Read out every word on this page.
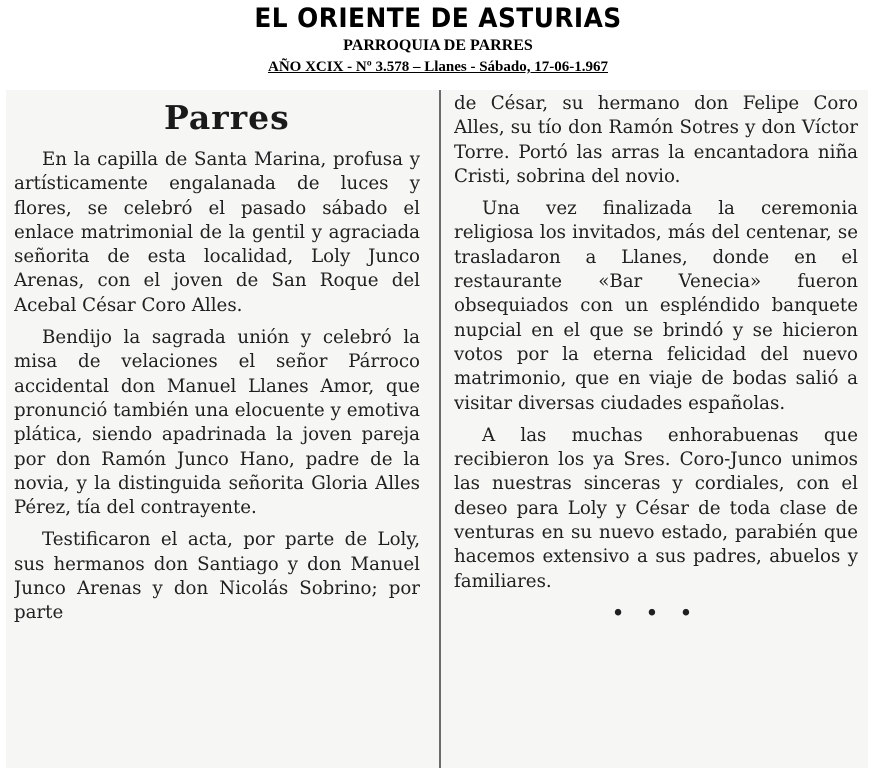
EL ORIENTE DE ASTURIAS
PARROQUIA DE PARRES
AÑO XCIX - Nº 3.578 – Llanes - Sábado, 17-06-1.967
Parres

En la capilla de Santa Marina, profusa y artísticamente engalanada de luces y flores, se celebró el pasado sábado el enlace matrimonial de la gentil y agraciada señorita de esta localidad, Loly Junco Arenas, con el joven de San Roque del Acebal César Coro Alles.

Bendijo la sagrada unión y celebró la misa de velaciones el señor Párroco accidental don Manuel Llanes Amor, que pronunció también una elocuente y emotiva plática, siendo apadrinada la joven pareja por don Ramón Junco Hano, padre de la novia, y la distinguida señorita Gloria Alles Pérez, tía del contrayente.

Testificaron el acta, por parte de Loly, sus hermanos don Santiago y don Manuel Junco Arenas y don Nicolás Sobrino; por parte

de César, su hermano don Felipe Coro Alles, su tío don Ramón Sotres y don Víctor Torre. Portó las arras la encantadora niña Cristi, sobrina del novio.

Una vez finalizada la ceremonia religiosa los invitados, más del centenar, se trasladaron a Llanes, donde en el restaurante «Bar Venecia» fueron obsequiados con un espléndido banquete nupcial en el que se brindó y se hicieron votos por la eterna felicidad del nuevo matrimonio, que en viaje de bodas salió a visitar diversas ciudades españolas.

A las muchas enhorabuenas que recibieron los ya Sres. Coro-Junco unimos las nuestras sinceras y cordiales, con el deseo para Loly y César de toda clase de venturas en su nuevo estado, parabién que hacemos extensivo a sus padres, abuelos y familiares.

• • •
